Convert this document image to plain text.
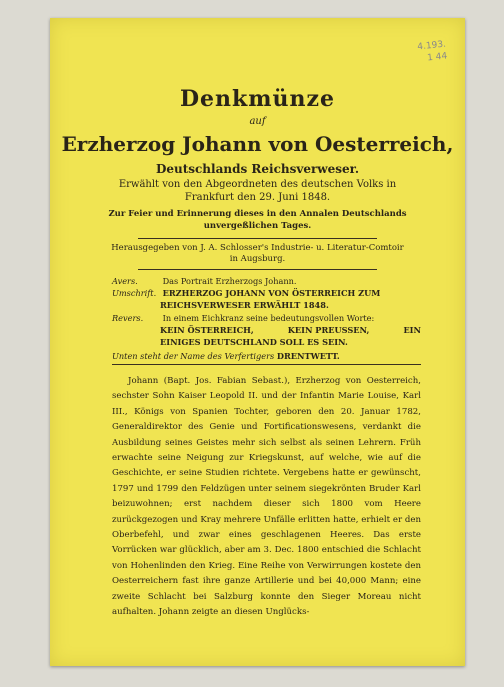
4.193.
1 44
Denkmünze
auf
Erzherzog Johann von Oesterreich,
Deutschlands Reichsverweser.
Erwählt von den Abgeordneten des deutschen Volks in
Frankfurt den 29. Juni 1848.
Zur Feier und Erinnerung dieses in den Annalen Deutschlands
unvergeßlichen Tages.
Herausgegeben von J. A. Schlosser's Industrie- u. Literatur-Comtoir
in Augsburg.
Avers.	Das Portrait Erzherzogs Johann.
Umschrift. ERZHERZOG JOHANN VON ÖSTERREICH ZUM
REICHSVERWESER ERWÄHLT 1848.
Revers. In einem Eichkranz seine bedeutungsvollen Worte:
KEIN ÖSTERREICH,	KEIN PREUSSEN,	EIN
EINIGES DEUTSCHLAND SOLL ES SEIN.
Unten steht der Name des Verfertigers DRENTWETT.

Johann (Bapt. Jos. Fabian Sebast.), Erzherzog von Oesterreich, sechster Sohn Kaiser Leopold II. und der Infantin Marie Louise, Karl III., Königs von Spanien Tochter, geboren den 20. Januar 1782, Generaldirektor des Genie und Fortificationswesens, verdankt die Ausbildung seines Geistes mehr sich selbst als seinen Lehrern. Früh erwachte seine Neigung zur Kriegskunst, auf welche, wie auf die Geschichte, er seine Studien richtete. Vergebens hatte er gewünscht, 1797 und 1799 den Feldzügen unter seinem siegekrönten Bruder Karl beizuwohnen; erst nachdem dieser sich 1800 vom Heere zurückgezogen und Kray mehrere Unfälle erlitten hatte, erhielt er den Oberbefehl, und zwar eines geschlagenen Heeres. Das erste Vorrücken war glücklich, aber am 3. Dec. 1800 entschied die Schlacht von Hohenlinden den Krieg. Eine Reihe von Verwirrungen kostete den Oesterreichern fast ihre ganze Artillerie und bei 40,000 Mann; eine zweite Schlacht bei Salzburg konnte den Sieger Moreau nicht aufhalten. Johann zeigte an diesen Unglücks-
